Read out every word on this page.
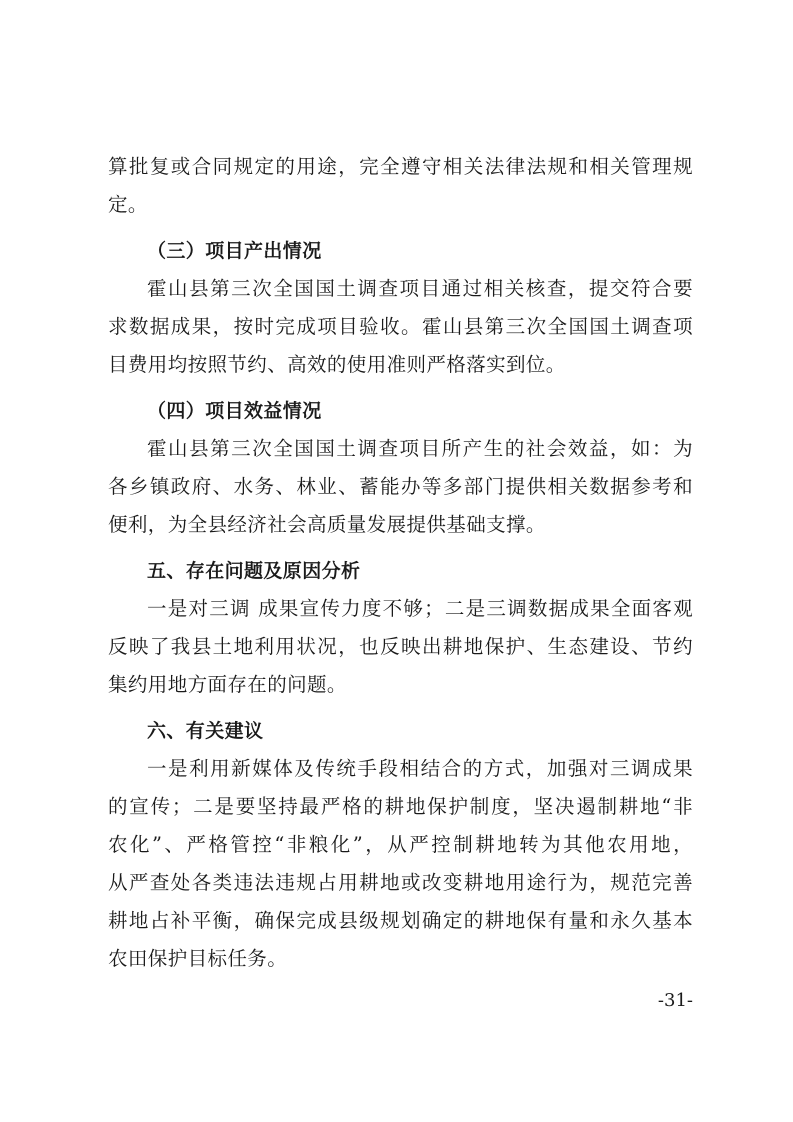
算批复或合同规定的用途，完全遵守相关法律法规和相关管理规
定。
（三）项目产出情况
霍山县第三次全国国土调查项目通过相关核查，提交符合要
求数据成果，按时完成项目验收。霍山县第三次全国国土调查项
目费用均按照节约、高效的使用准则严格落实到位。
（四）项目效益情况
霍山县第三次全国国土调查项目所产生的社会效益，如：为
各乡镇政府、水务、林业、蓄能办等多部门提供相关数据参考和
便利，为全县经济社会高质量发展提供基础支撑。
五、存在问题及原因分析
一是对三调 成果宣传力度不够；二是三调数据成果全面客观
反映了我县土地利用状况，也反映出耕地保护、生态建设、节约
集约用地方面存在的问题。
六、有关建议
一是利用新媒体及传统手段相结合的方式，加强对三调成果
的宣传；二是要坚持最严格的耕地保护制度，坚决遏制耕地“非
农化”、严格管控“非粮化”，从严控制耕地转为其他农用地，
从严查处各类违法违规占用耕地或改变耕地用途行为，规范完善
耕地占补平衡，确保完成县级规划确定的耕地保有量和永久基本
农田保护目标任务。
-31-
